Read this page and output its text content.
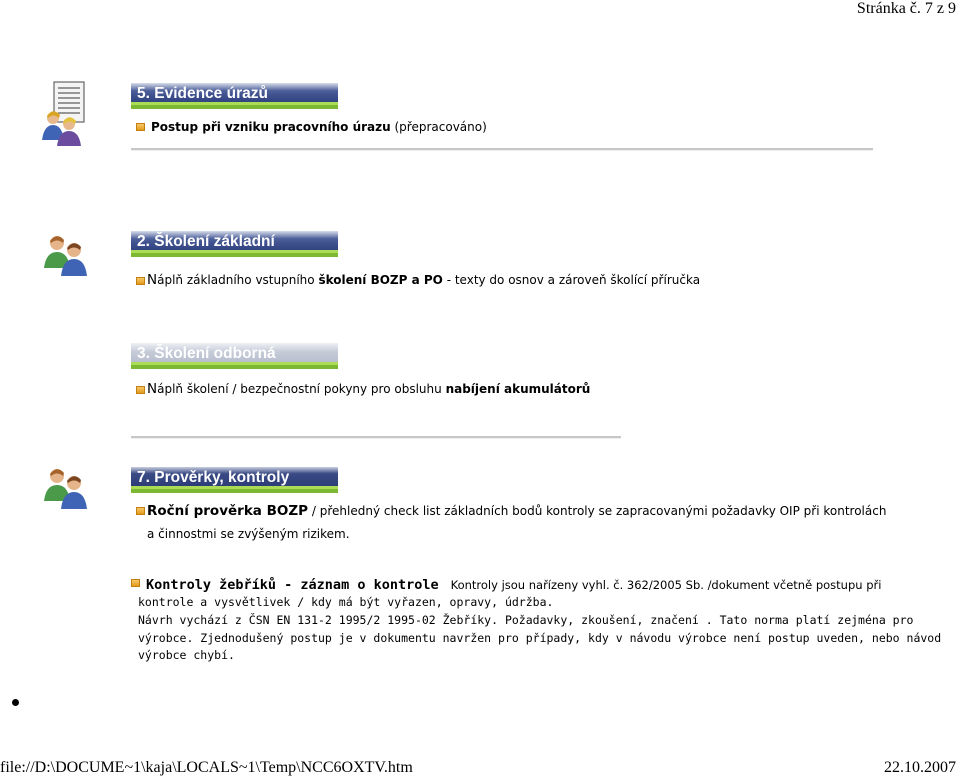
Stránka č. 7 z 9
5. Evidence úrazů
Postup při vzniku pracovního úrazu (přepracováno)
2. Školení základní
Náplň základního vstupního školení BOZP a PO - texty do osnov a zároveň školící příručka
3. Školení odborná
Náplň školení / bezpečnostní pokyny pro obsluhu nabíjení akumulátorů
7. Prověrky, kontroly
Roční prověrka BOZP / přehledný check list základních bodů kontroly se zapracovanými požadavky OIP při kontrolách
a činnostmi se zvýšeným rizikem.
Kontroly žebříků - záznam o kontrole Kontroly jsou nařízeny vyhl. č. 362/2005 Sb. /dokument včetně postupu při
kontrole a vysvětlivek / kdy má být vyřazen, opravy, údržba.
Návrh vychází z ČSN EN 131-2 1995/2 1995-02 Žebříky. Požadavky, zkoušení, značení . Tato norma platí zejména pro
výrobce. Zjednodušený postup je v dokumentu navržen pro případy, kdy v návodu výrobce není postup uveden, nebo návod
výrobce chybí.
file://D:\DOCUME~1\kaja\LOCALS~1\Temp\NCC6OXTV.htm	22.10.2007
